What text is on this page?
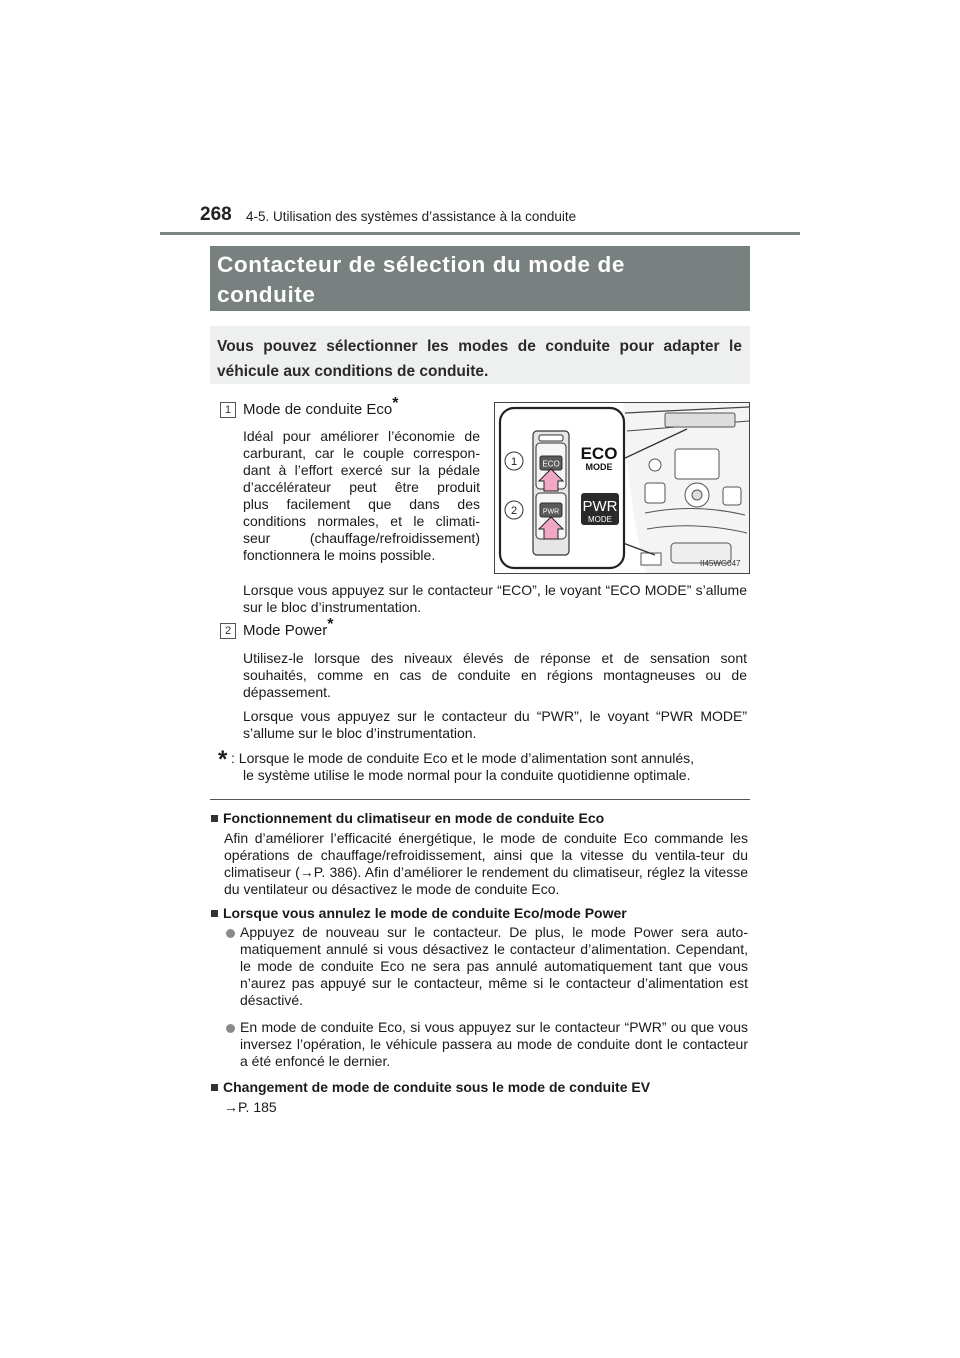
268 4-5. Utilisation des systèmes d’assistance à la conduite
Contacteur de sélection du mode de
conduite
Vous pouvez sélectionner les modes de conduite pour adapter le véhicule aux conditions de conduite.
1 Mode de conduite Eco*
Idéal pour améliorer l’économie de
carburant, car le couple correspon-
dant à l’effort exercé sur la pédale
d’accélérateur peut être produit
plus facilement que dans des
conditions normales, et le climati-
seur (chauffage/refroidissement)
fonctionnera le moins possible.
ECO
PWR
1
2
ECO
MODE
PWR
MODE
II45WG047
Lorsque vous appuyez sur le contacteur “ECO”, le voyant “ECO MODE” s’allume sur le bloc d’instrumentation.
2 Mode Power*
Utilisez-le lorsque des niveaux élevés de réponse et de sensation sont souhaités, comme en cas de conduite en régions montagneuses ou de dépassement.
Lorsque vous appuyez sur le contacteur du “PWR”, le voyant “PWR MODE” s’allume sur le bloc d’instrumentation.
* : Lorsque le mode de conduite Eco et le mode d’alimentation sont annulés,
le système utilise le mode normal pour la conduite quotidienne optimale.
Fonctionnement du climatiseur en mode de conduite Eco
Afin d’améliorer l’efficacité énergétique, le mode de conduite Eco commande les opérations de chauffage/refroidissement, ainsi que la vitesse du ventila-teur du climatiseur (→P. 386). Afin d’améliorer le rendement du climatiseur, réglez la vitesse du ventilateur ou désactivez le mode de conduite Eco.
Lorsque vous annulez le mode de conduite Eco/mode Power
Appuyez de nouveau sur le contacteur. De plus, le mode Power sera auto-matiquement annulé si vous désactivez le contacteur d’alimentation. Cependant, le mode de conduite Eco ne sera pas annulé automatiquement tant que vous n’aurez pas appuyé sur le contacteur, même si le contacteur d’alimentation est désactivé.
En mode de conduite Eco, si vous appuyez sur le contacteur “PWR” ou que vous inversez l’opération, le véhicule passera au mode de conduite dont le contacteur a été enfoncé le dernier.
Changement de mode de conduite sous le mode de conduite EV
→P. 185
